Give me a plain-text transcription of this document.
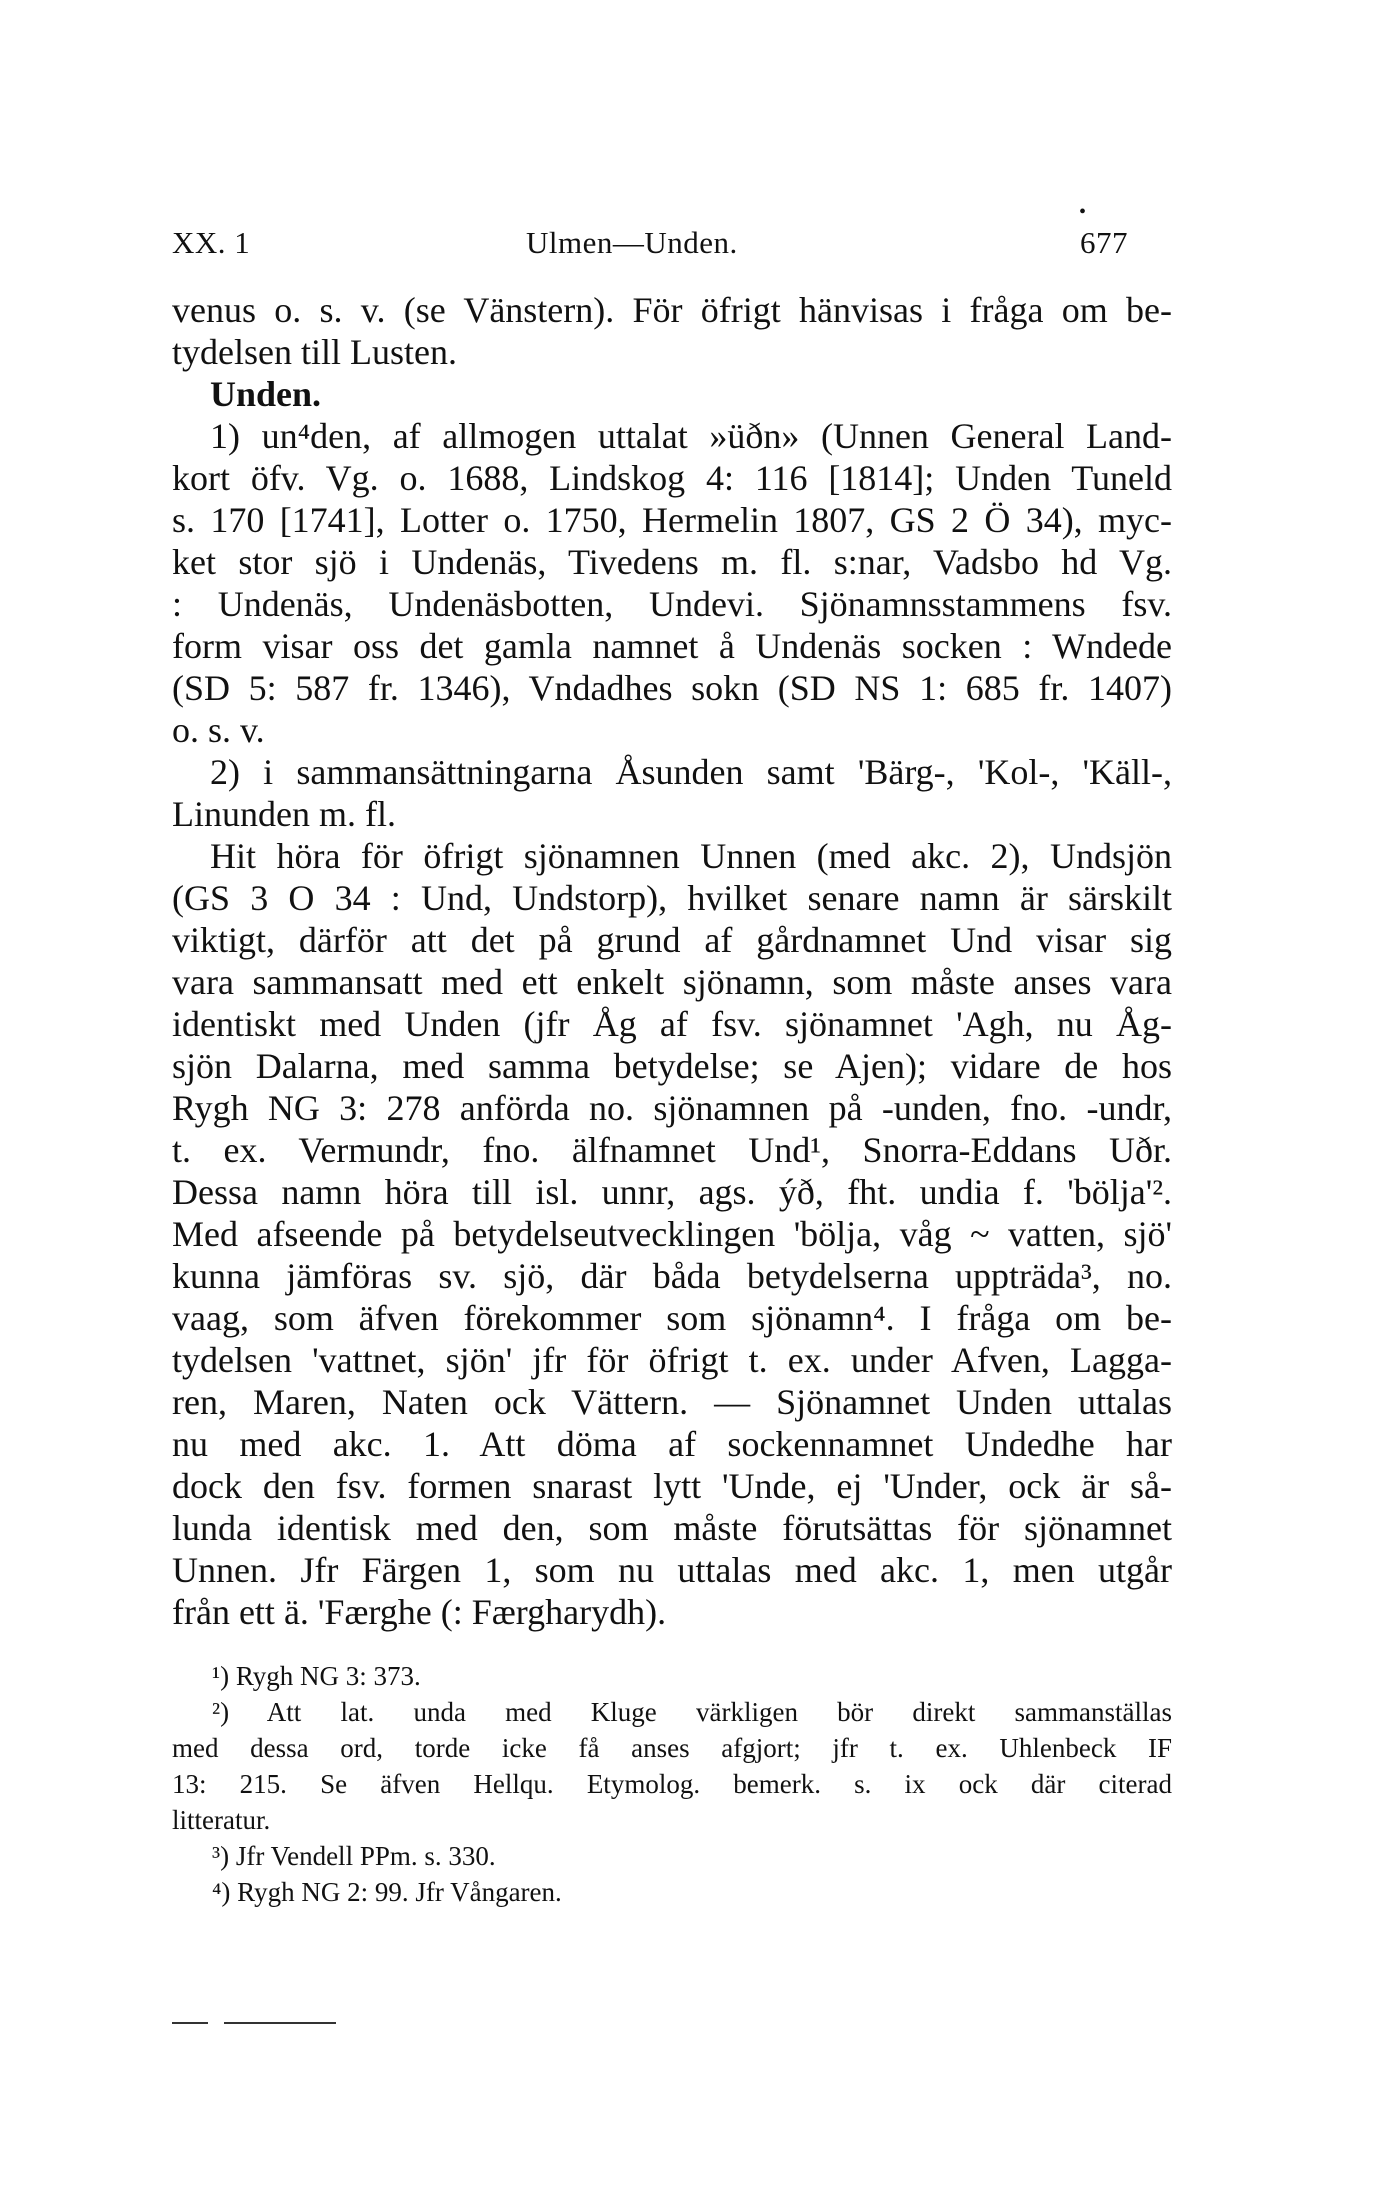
•
XX. 1	Ulmen—Unden.	677
venus o. s. v. (se Vänstern). För öfrigt hänvisas i fråga om be-
tydelsen till Lusten.
Unden.
1) un⁴den, af allmogen uttalat »üðn» (Unnen General Land-
kort öfv. Vg. o. 1688, Lindskog 4: 116 [1814]; Unden Tuneld
s. 170 [1741], Lotter o. 1750, Hermelin 1807, GS 2 Ö 34), myc-
ket stor sjö i Undenäs, Tivedens m. fl. s:nar, Vadsbo hd Vg.
: Undenäs, Undenäsbotten, Undevi. Sjönamnsstammens fsv.
form visar oss det gamla namnet å Undenäs socken : Wndede
(SD 5: 587 fr. 1346), Vndadhes sokn (SD NS 1: 685 fr. 1407)
o. s. v.
2) i sammansättningarna Åsunden samt 'Bärg-, 'Kol-, 'Käll-,
Linunden m. fl.
Hit höra för öfrigt sjönamnen Unnen (med akc. 2), Undsjön
(GS 3 O 34 : Und, Undstorp), hvilket senare namn är särskilt
viktigt, därför att det på grund af gårdnamnet Und visar sig
vara sammansatt med ett enkelt sjönamn, som måste anses vara
identiskt med Unden (jfr Åg af fsv. sjönamnet 'Agh, nu Åg-
sjön Dalarna, med samma betydelse; se Ajen); vidare de hos
Rygh NG 3: 278 anförda no. sjönamnen på -unden, fno. -undr,
t. ex. Vermundr, fno. älfnamnet Und¹, Snorra-Eddans Uðr.
Dessa namn höra till isl. unnr, ags. ýð, fht. undia f. 'bölja'².
Med afseende på betydelseutvecklingen 'bölja, våg ~ vatten, sjö'
kunna jämföras sv. sjö, där båda betydelserna uppträda³, no.
vaag, som äfven förekommer som sjönamn⁴. I fråga om be-
tydelsen 'vattnet, sjön' jfr för öfrigt t. ex. under Afven, Lagga-
ren, Maren, Naten ock Vättern. — Sjönamnet Unden uttalas
nu med akc. 1. Att döma af sockennamnet Undedhe har
dock den fsv. formen snarast lytt 'Unde, ej 'Under, ock är så-
lunda identisk med den, som måste förutsättas för sjönamnet
Unnen. Jfr Färgen 1, som nu uttalas med akc. 1, men utgår
från ett ä. 'Færghe (: Færgharydh).
¹) Rygh NG 3: 373.
²) Att lat. unda med Kluge värkligen bör direkt sammanställas
med dessa ord, torde icke få anses afgjort; jfr t. ex. Uhlenbeck IF
13: 215. Se äfven Hellqu. Etymolog. bemerk. s. ix ock där citerad
litteratur.
³) Jfr Vendell PPm. s. 330.
⁴) Rygh NG 2: 99. Jfr Vångaren.
